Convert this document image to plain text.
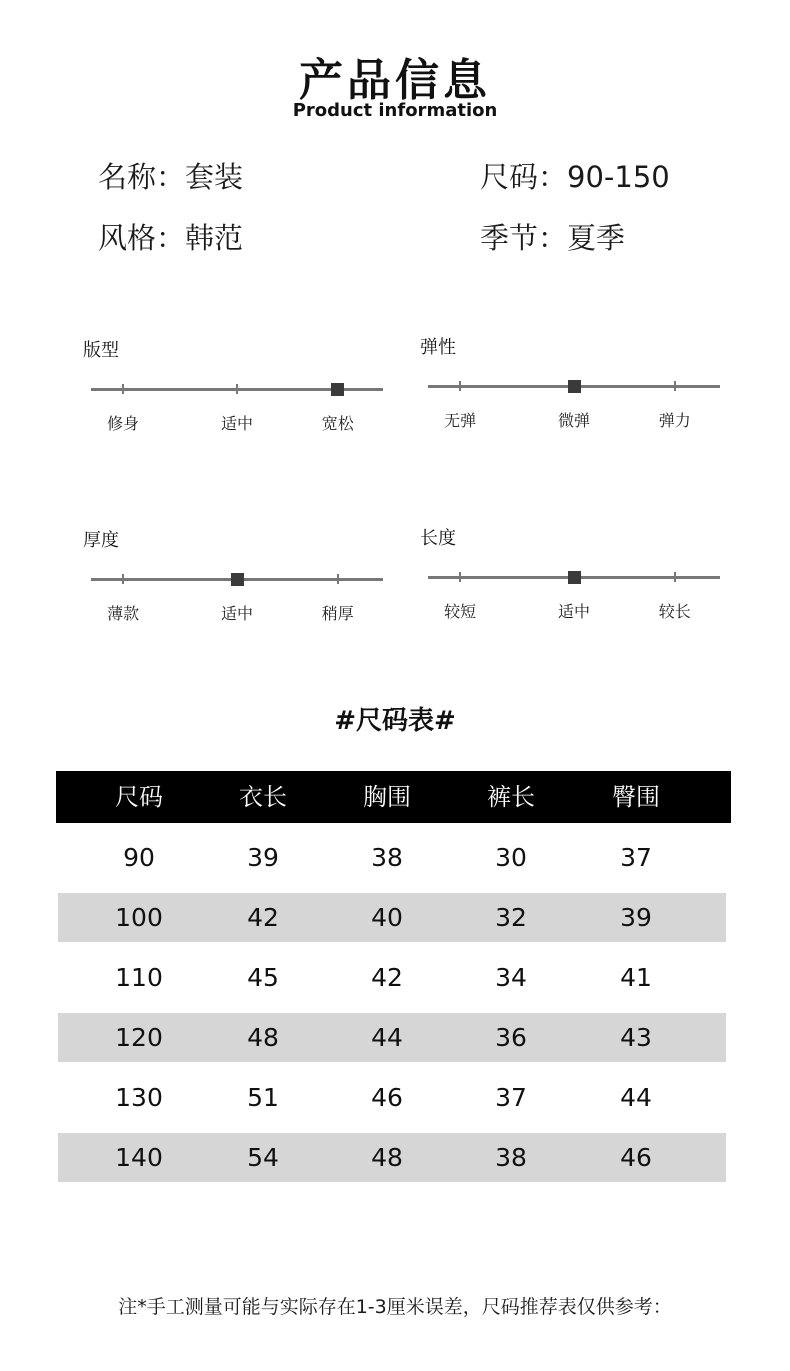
产品信息
Product information
名称：套装	尺码：90-150
风格：韩范	季节：夏季
版型
修身	适中	宽松
弹性
无弹	微弹	弹力
厚度
薄款	适中	稍厚
长度
较短	适中	较长
#尺码表#
尺码	衣长	胸围	裤长	臀围
90	39	38	30	37
100	42	40	32	39
110	45	42	34	41
120	48	44	36	43
130	51	46	37	44
140	54	48	38	46
注*手工测量可能与实际存在1-3厘米误差，尺码推荐表仅供参考：
